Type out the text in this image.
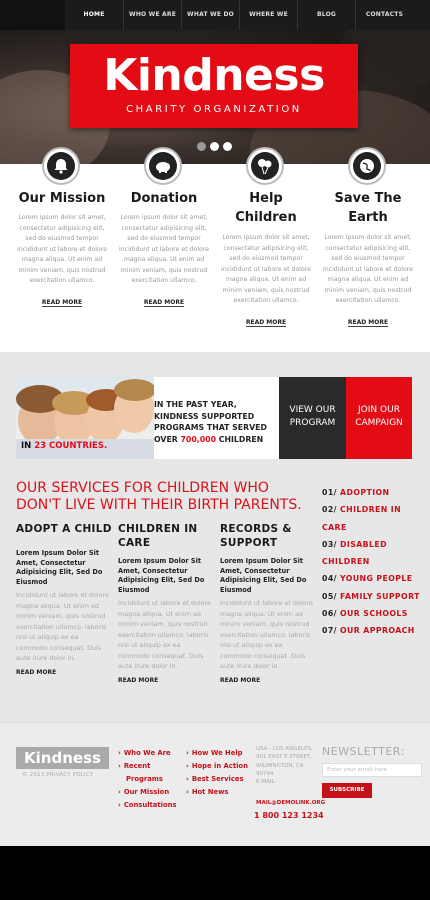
HOME	WHO WE ARE	WHAT WE DO	WHERE WE	BLOG	CONTACTS
Kindness
CHARITY ORGANIZATION
Our Mission
Lorem ipsum dolor sit amet, consectetur adipisicing elit, sed do eiusmod tempor incididunt ut labore et dolore magna aliqua. Ut enim ad minim veniam, quis nostrud exercitation ullamco.
READ MORE
Donation
Lorem ipsum dolor sit amet, consectetur adipisicing elit, sed do eiusmod tempor incididunt ut labore et dolore magna aliqua. Ut enim ad minim veniam, quis nostrud exercitation ullamco.
READ MORE
Help Children
Lorem ipsum dolor sit amet, consectetur adipisicing elit, sed do eiusmod tempor incididunt ut labore et dolore magna aliqua. Ut enim ad minim veniam, quis nostrud exercitation ullamco.
READ MORE
Save The Earth
Lorem ipsum dolor sit amet, consectetur adipisicing elit, sed do eiusmod tempor incididunt ut labore et dolore magna aliqua. Ut enim ad minim veniam, quis nostrud exercitation ullamco.
READ MORE
IN THE PAST YEAR,
KINDNESS SUPPORTED
PROGRAMS THAT SERVED
OVER 700,000 CHILDREN
IN 23 COUNTRIES.
VIEW OUR PROGRAM
JOIN OUR CAMPAIGN
OUR SERVICES FOR CHILDREN WHO DON'T LIVE WITH THEIR BIRTH PARENTS.
ADOPT A CHILD
Lorem Ipsum Dolor Sit Amet, Consectetur Adipisicing Elit, Sed Do Eiusmod
Incididunt ut labore et dolore magna aliqua. Ut enim ad minim veniam, quis nostrud exercitation ullamco. laboris nisi ut aliquip ex ea commodo consequat. Duis aute irure dolor in.
READ MORE
CHILDREN IN CARE
Lorem Ipsum Dolor Sit Amet, Consectetur Adipisicing Elit, Sed Do Eiusmod
Incididunt ut labore et dolore magna aliqua. Ut enim ad minim veniam, quis nostrud exercitation ullamco. laboris nisi ut aliquip ex ea commodo consequat. Duis aute irure dolor in.
READ MORE
RECORDS & SUPPORT
Lorem Ipsum Dolor Sit Amet, Consectetur Adipisicing Elit, Sed Do Eiusmod
Incididunt ut labore et dolore magna aliqua. Ut enim ad minim veniam, quis nostrud exercitation ullamco. laboris nisi ut aliquip ex ea commodo consequat. Duis aute irure dolor in.
READ MORE
01/ ADOPTION
02/ CHILDREN IN CARE
03/ DISABLED CHILDREN
04/ YOUNG PEOPLE
05/ FAMILY SUPPORT
06/ OUR SCHOOLS
07/ OUR APPROACH
Kindness
© 2013 PRIVACY POLICY
› Who We Are
› Recent Programs
› Our Mission
› Consultations
› How We Help
› Hope in Action
› Best Services
› Hot News
USA - LOS ANGELES, 901 EAST E STREET, WILMINGTON, CA 90744
E-MAIL:
MAIL@DEMOLINK.ORG
1 800 123 1234
NEWSLETTER:
Enter your email here
SUBSCRIBE
